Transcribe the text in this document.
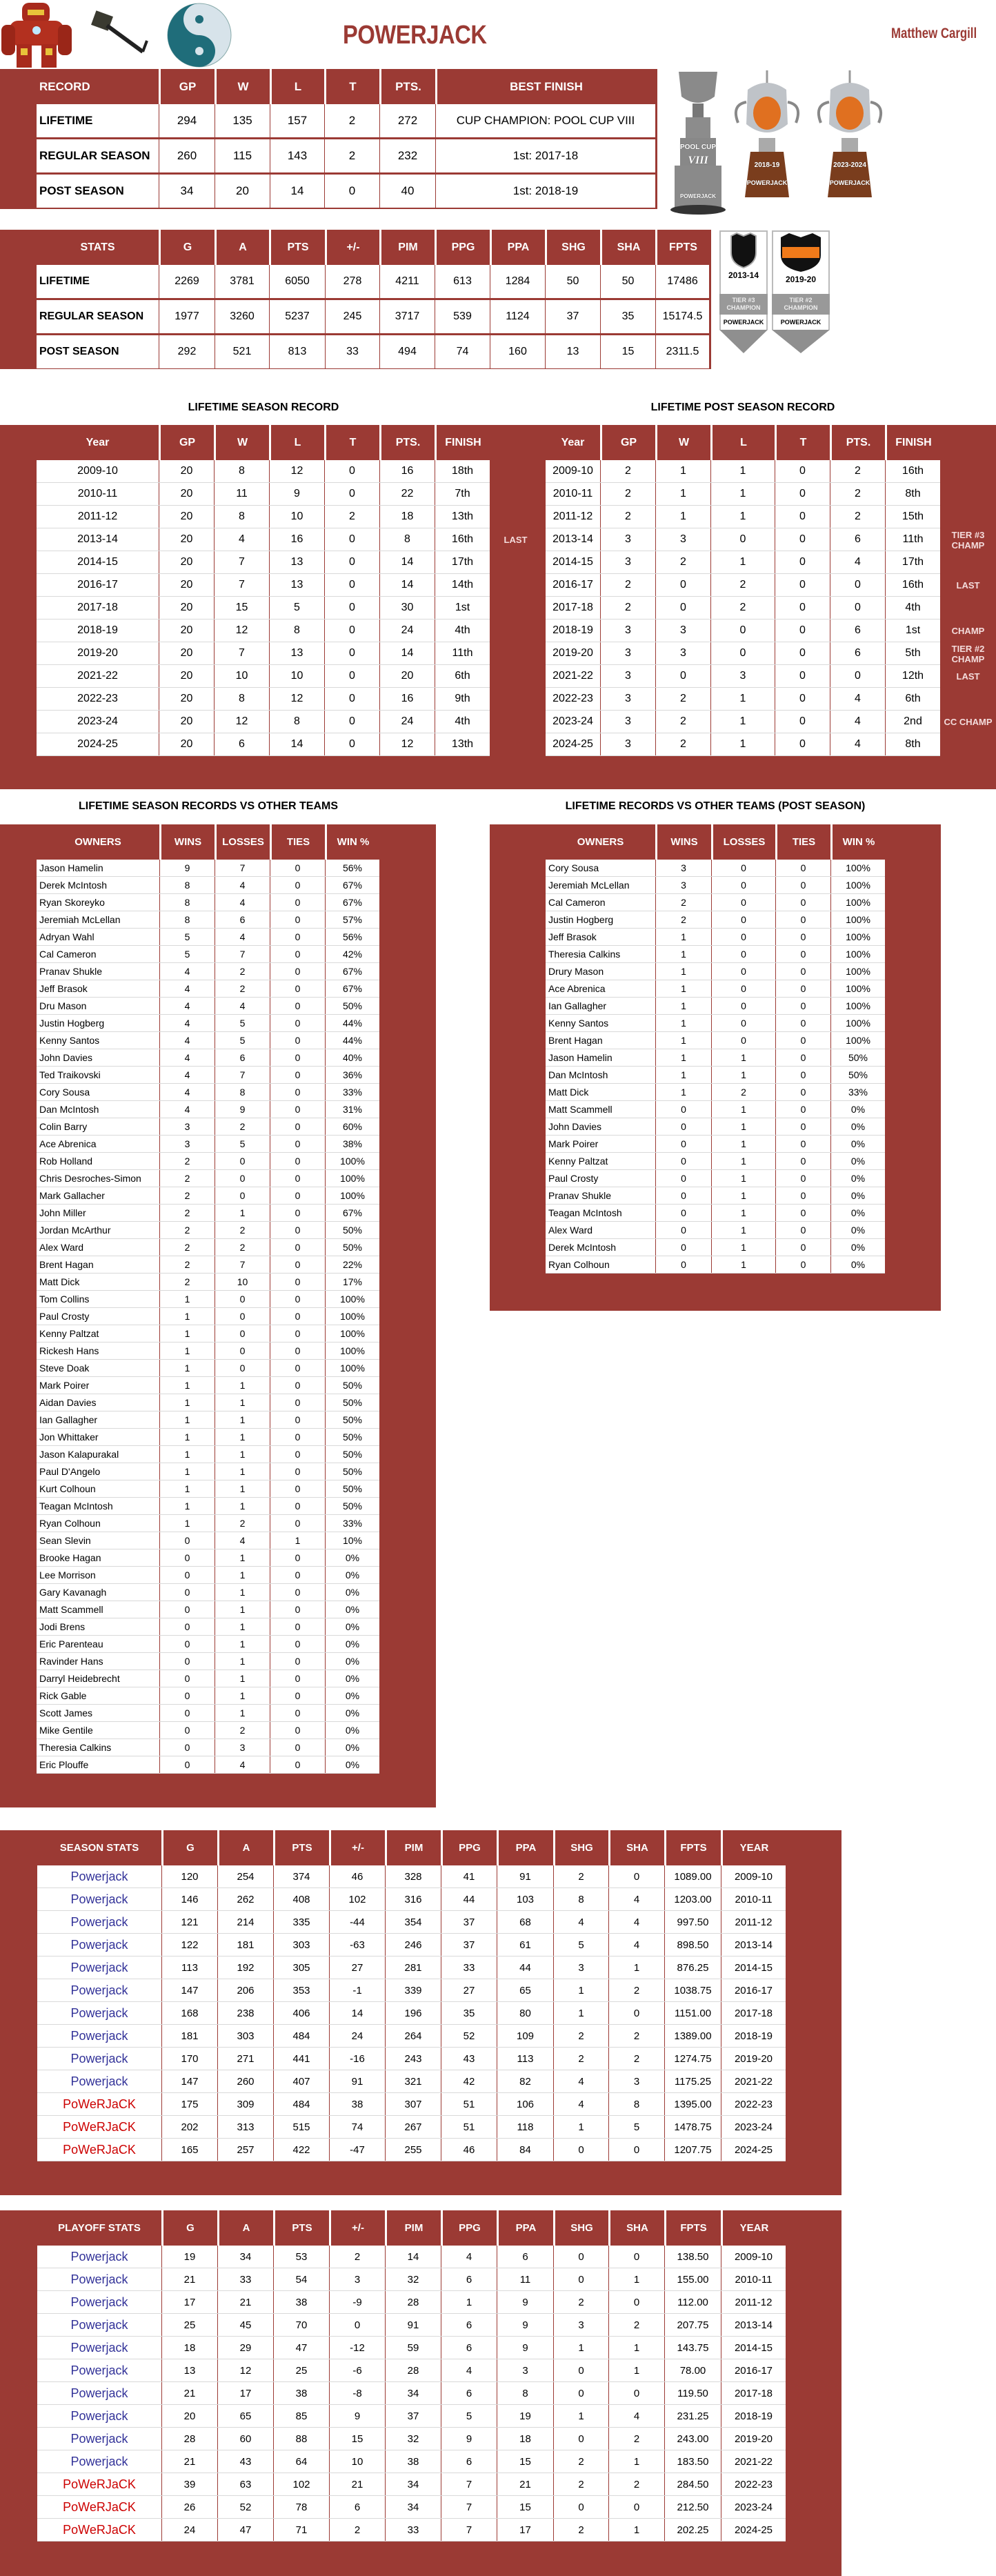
POWERJACK	Matthew Cargill
RECORD	GP	W	L	T	PTS.	BEST FINISH
LIFETIME	294	135	157	2	272	CUP CHAMPION: POOL CUP VIII
REGULAR SEASON	260	115	143	2	232	1st: 2017-18
POST SEASON	34	20	14	0	40	1st: 2018-19
POOL CUP
VIII
POWERJACK
2018-19
POWERJACK
2023-2024
POWERJACK
STATS	G	A	PTS	+/-	PIM	PPG	PPA	SHG	SHA	FPTS
LIFETIME	2269	3781	6050	278	4211	613	1284	50	50	17486
REGULAR SEASON	1977	3260	5237	245	3717	539	1124	37	35	15174.5
POST SEASON	292	521	813	33	494	74	160	13	15	2311.5
2013-14
TIER #3 CHAMPION
POWERJACK
2019-20
TIER #2 CHAMPION
POWERJACK
LIFETIME SEASON RECORD	LIFETIME POST SEASON RECORD
Year	GP	W	L	T	PTS.	FINISH
2009-10	20	8	12	0	16	18th
2010-11	20	11	9	0	22	7th
2011-12	20	8	10	2	18	13th
2013-14	20	4	16	0	8	16th	LAST
2014-15	20	7	13	0	14	17th
2016-17	20	7	13	0	14	14th
2017-18	20	15	5	0	30	1st
2018-19	20	12	8	0	24	4th
2019-20	20	7	13	0	14	11th
2021-22	20	10	10	0	20	6th
2022-23	20	8	12	0	16	9th
2023-24	20	12	8	0	24	4th
2024-25	20	6	14	0	12	13th
Year	GP	W	L	T	PTS.	FINISH
2009-10	2	1	1	0	2	16th
2010-11	2	1	1	0	2	8th
2011-12	2	1	1	0	2	15th
2013-14	3	3	0	0	6	11th	TIER #3 CHAMP
2014-15	3	2	1	0	4	17th
2016-17	2	0	2	0	0	16th	LAST
2017-18	2	0	2	0	0	4th
2018-19	3	3	0	0	6	1st	CHAMP
2019-20	3	3	0	0	6	5th	TIER #2 CHAMP
2021-22	3	0	3	0	0	12th	LAST
2022-23	3	2	1	0	4	6th
2023-24	3	2	1	0	4	2nd	CC CHAMP
2024-25	3	2	1	0	4	8th
LIFETIME SEASON RECORDS VS OTHER TEAMS	LIFETIME RECORDS VS OTHER TEAMS (POST SEASON)
OWNERS	WINS	LOSSES	TIES	WIN %
Jason Hamelin	9	7	0	56%
Derek McIntosh	8	4	0	67%
Ryan Skoreyko	8	4	0	67%
Jeremiah McLellan	8	6	0	57%
Adryan Wahl	5	4	0	56%
Cal Cameron	5	7	0	42%
Pranav Shukle	4	2	0	67%
Jeff Brasok	4	2	0	67%
Dru Mason	4	4	0	50%
Justin Hogberg	4	5	0	44%
Kenny Santos	4	5	0	44%
John Davies	4	6	0	40%
Ted Traikovski	4	7	0	36%
Cory Sousa	4	8	0	33%
Dan McIntosh	4	9	0	31%
Colin Barry	3	2	0	60%
Ace Abrenica	3	5	0	38%
Rob Holland	2	0	0	100%
Chris Desroches-Simon	2	0	0	100%
Mark Gallacher	2	0	0	100%
John Miller	2	1	0	67%
Jordan McArthur	2	2	0	50%
Alex Ward	2	2	0	50%
Brent Hagan	2	7	0	22%
Matt Dick	2	10	0	17%
Tom Collins	1	0	0	100%
Paul Crosty	1	0	0	100%
Kenny Paltzat	1	0	0	100%
Rickesh Hans	1	0	0	100%
Steve Doak	1	0	0	100%
Mark Poirer	1	1	0	50%
Aidan Davies	1	1	0	50%
Ian Gallagher	1	1	0	50%
Jon Whittaker	1	1	0	50%
Jason Kalapurakal	1	1	0	50%
Paul D'Angelo	1	1	0	50%
Kurt Colhoun	1	1	0	50%
Teagan McIntosh	1	1	0	50%
Ryan Colhoun	1	2	0	33%
Sean Slevin	0	4	1	10%
Brooke Hagan	0	1	0	0%
Lee Morrison	0	1	0	0%
Gary Kavanagh	0	1	0	0%
Matt Scammell	0	1	0	0%
Jodi Brens	0	1	0	0%
Eric Parenteau	0	1	0	0%
Ravinder Hans	0	1	0	0%
Darryl Heidebrecht	0	1	0	0%
Rick Gable	0	1	0	0%
Scott James	0	1	0	0%
Mike Gentile	0	2	0	0%
Theresia Calkins	0	3	0	0%
Eric Plouffe	0	4	0	0%
OWNERS	WINS	LOSSES	TIES	WIN %
Cory Sousa	3	0	0	100%
Jeremiah McLellan	3	0	0	100%
Cal Cameron	2	0	0	100%
Justin Hogberg	2	0	0	100%
Jeff Brasok	1	0	0	100%
Theresia Calkins	1	0	0	100%
Drury Mason	1	0	0	100%
Ace Abrenica	1	0	0	100%
Ian Gallagher	1	0	0	100%
Kenny Santos	1	0	0	100%
Brent Hagan	1	0	0	100%
Jason Hamelin	1	1	0	50%
Dan McIntosh	1	1	0	50%
Matt Dick	1	2	0	33%
Matt Scammell	0	1	0	0%
John Davies	0	1	0	0%
Mark Poirer	0	1	0	0%
Kenny Paltzat	0	1	0	0%
Paul Crosty	0	1	0	0%
Pranav Shukle	0	1	0	0%
Teagan McIntosh	0	1	0	0%
Alex Ward	0	1	0	0%
Derek McIntosh	0	1	0	0%
Ryan Colhoun	0	1	0	0%
SEASON STATS	G	A	PTS	+/-	PIM	PPG	PPA	SHG	SHA	FPTS	YEAR
Powerjack	120	254	374	46	328	41	91	2	0	1089.00	2009-10
Powerjack	146	262	408	102	316	44	103	8	4	1203.00	2010-11
Powerjack	121	214	335	-44	354	37	68	4	4	997.50	2011-12
Powerjack	122	181	303	-63	246	37	61	5	4	898.50	2013-14
Powerjack	113	192	305	27	281	33	44	3	1	876.25	2014-15
Powerjack	147	206	353	-1	339	27	65	1	2	1038.75	2016-17
Powerjack	168	238	406	14	196	35	80	1	0	1151.00	2017-18
Powerjack	181	303	484	24	264	52	109	2	2	1389.00	2018-19
Powerjack	170	271	441	-16	243	43	113	2	2	1274.75	2019-20
Powerjack	147	260	407	91	321	42	82	4	3	1175.25	2021-22
PoWeRJaCK	175	309	484	38	307	51	106	4	8	1395.00	2022-23
PoWeRJaCK	202	313	515	74	267	51	118	1	5	1478.75	2023-24
PoWeRJaCK	165	257	422	-47	255	46	84	0	0	1207.75	2024-25
PLAYOFF STATS	G	A	PTS	+/-	PIM	PPG	PPA	SHG	SHA	FPTS	YEAR
Powerjack	19	34	53	2	14	4	6	0	0	138.50	2009-10
Powerjack	21	33	54	3	32	6	11	0	1	155.00	2010-11
Powerjack	17	21	38	-9	28	1	9	2	0	112.00	2011-12
Powerjack	25	45	70	0	91	6	9	3	2	207.75	2013-14
Powerjack	18	29	47	-12	59	6	9	1	1	143.75	2014-15
Powerjack	13	12	25	-6	28	4	3	0	1	78.00	2016-17
Powerjack	21	17	38	-8	34	6	8	0	0	119.50	2017-18
Powerjack	20	65	85	9	37	5	19	1	4	231.25	2018-19
Powerjack	28	60	88	15	32	9	18	0	2	243.00	2019-20
Powerjack	21	43	64	10	38	6	15	2	1	183.50	2021-22
PoWeRJaCK	39	63	102	21	34	7	21	2	2	284.50	2022-23
PoWeRJaCK	26	52	78	6	34	7	15	0	0	212.50	2023-24
PoWeRJaCK	24	47	71	2	33	7	17	2	1	202.25	2024-25
